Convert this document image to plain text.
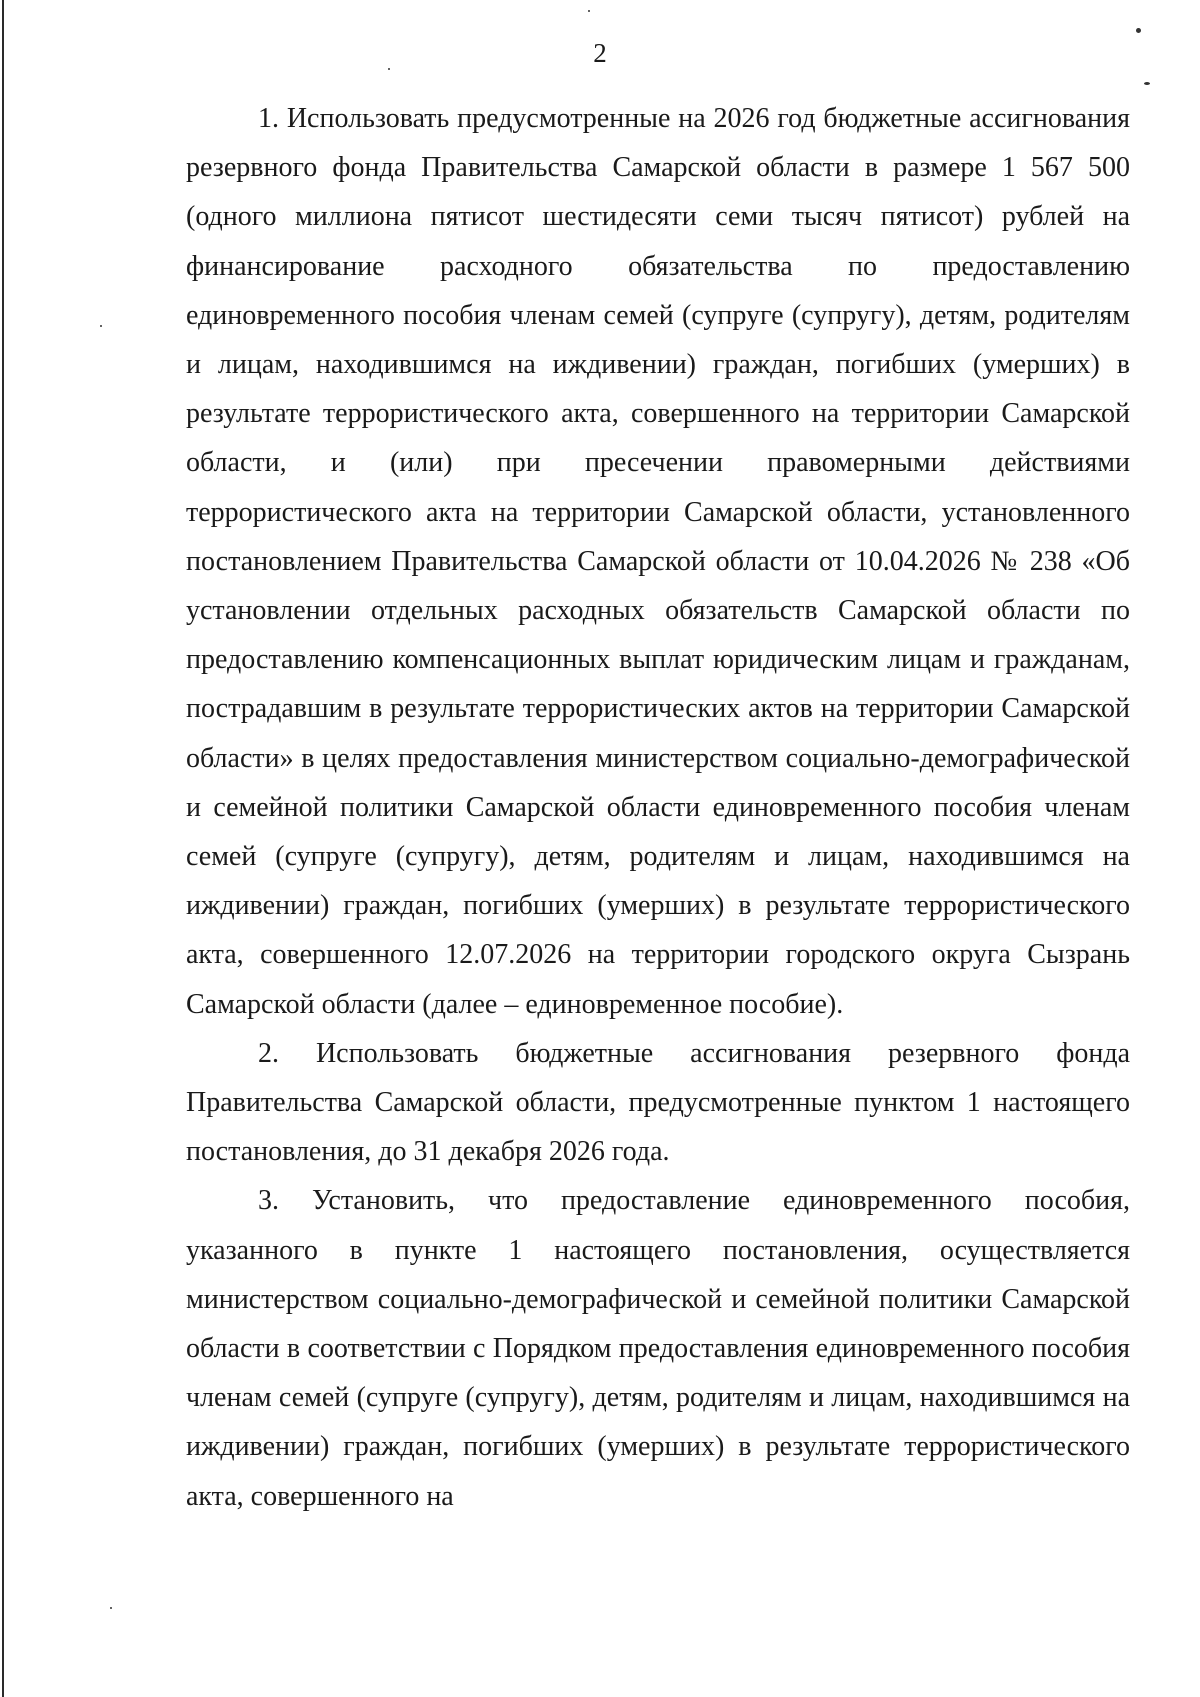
2

1. Использовать предусмотренные на 2026 год бюджетные ассигнования резервного фонда Правительства Самарской области в размере 1 567 500 (одного миллиона пятисот шестидесяти семи тысяч пятисот) рублей на финансирование расходного обязательства по предоставлению единовременного пособия членам семей (супруге (супругу), детям, родителям и лицам, находившимся на иждивении) граждан, погибших (умерших) в результате террористического акта, совершенного на территории Самарской области, и (или) при пресечении правомерными действиями террористического акта на территории Самарской области, установленного постановлением Правительства Самарской области от 10.04.2026 № 238 «Об установлении отдельных расходных обязательств Самарской области по предоставлению компенсационных выплат юридическим лицам и гражданам, пострадавшим в результате террористических актов на территории Самарской области» в целях предоставления министерством социально-демографической и семейной политики Самарской области единовременного пособия членам семей (супруге (супругу), детям, родителям и лицам, находившимся на иждивении) граждан, погибших (умерших) в результате террористического акта, совершенного 12.07.2026 на территории городского округа Сызрань Самарской области (далее – единовременное пособие).

2. Использовать бюджетные ассигнования резервного фонда Правительства Самарской области, предусмотренные пунктом 1 настоящего постановления, до 31 декабря 2026 года.

3. Установить, что предоставление единовременного пособия, указанного в пункте 1 настоящего постановления, осуществляется министерством социально-демографической и семейной политики Самарской области в соответствии с Порядком предоставления единовременного пособия членам семей (супруге (супругу), детям, родителям и лицам, находившимся на иждивении) граждан, погибших (умерших) в результате террористического акта, совершенного на
